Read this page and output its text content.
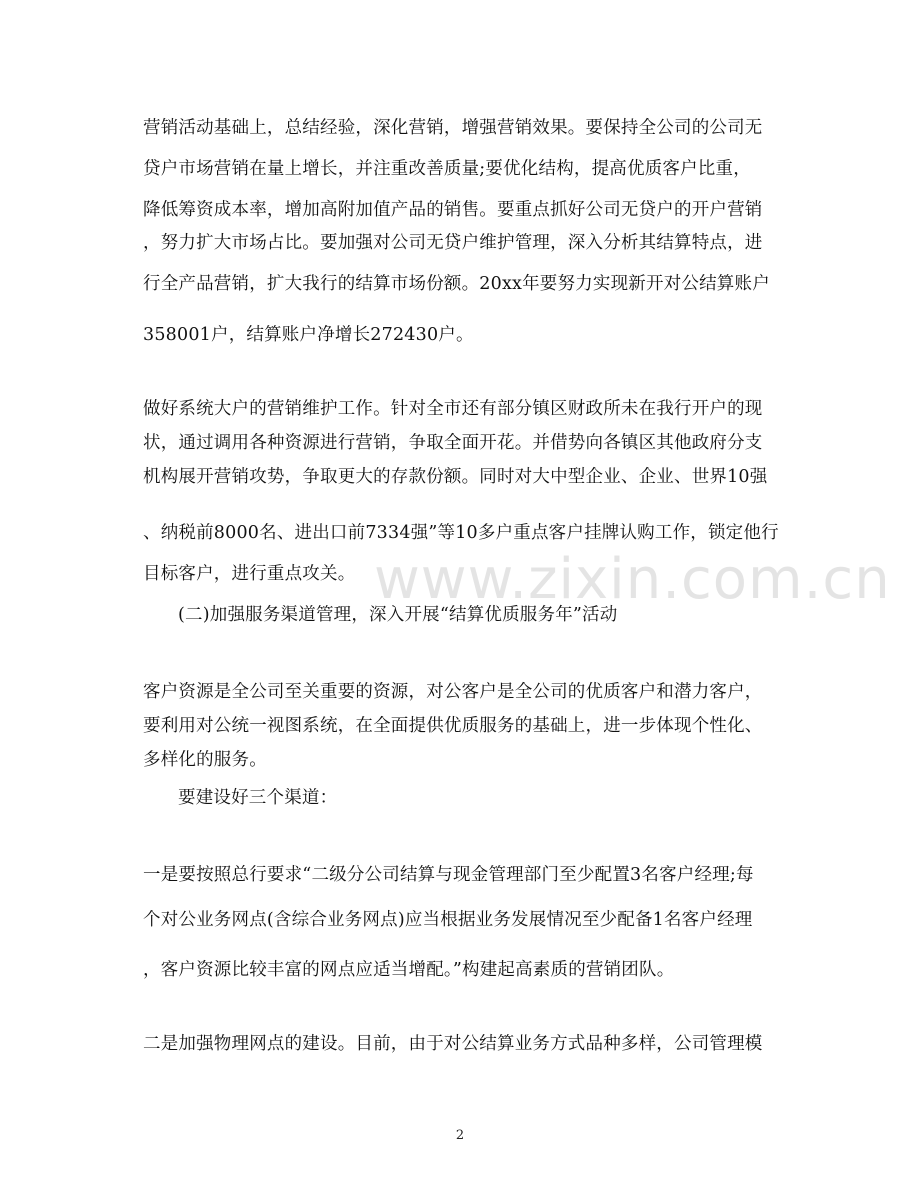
营销活动基础上，总结经验，深化营销，增强营销效果。要保持全公司的公司无
贷户市场营销在量上增长，并注重改善质量;要优化结构，提高优质客户比重，
降低筹资成本率，增加高附加值产品的销售。要重点抓好公司无贷户的开户营销
，努力扩大市场占比。要加强对公司无贷户维护管理，深入分析其结算特点，进
行全产品营销，扩大我行的结算市场份额。20xx年要努力实现新开对公结算账户
358001户，结算账户净增长272430户。
做好系统大户的营销维护工作。针对全市还有部分镇区财政所未在我行开户的现
状，通过调用各种资源进行营销，争取全面开花。并借势向各镇区其他政府分支
机构展开营销攻势，争取更大的存款份额。同时对大中型企业、企业、世界10强
、纳税前8000名、进出口前7334强”等10多户重点客户挂牌认购工作，锁定他行
目标客户，进行重点攻关。
(二)加强服务渠道管理，深入开展“结算优质服务年”活动
客户资源是全公司至关重要的资源，对公客户是全公司的优质客户和潜力客户，
要利用对公统一视图系统，在全面提供优质服务的基础上，进一步体现个性化、
多样化的服务。
要建设好三个渠道：
一是要按照总行要求“二级分公司结算与现金管理部门至少配置3名客户经理;每
个对公业务网点(含综合业务网点)应当根据业务发展情况至少配备1名客户经理
，客户资源比较丰富的网点应适当增配。”构建起高素质的营销团队。
二是加强物理网点的建设。目前，由于对公结算业务方式品种多样，公司管理模
www.zixin.com.cn
2
